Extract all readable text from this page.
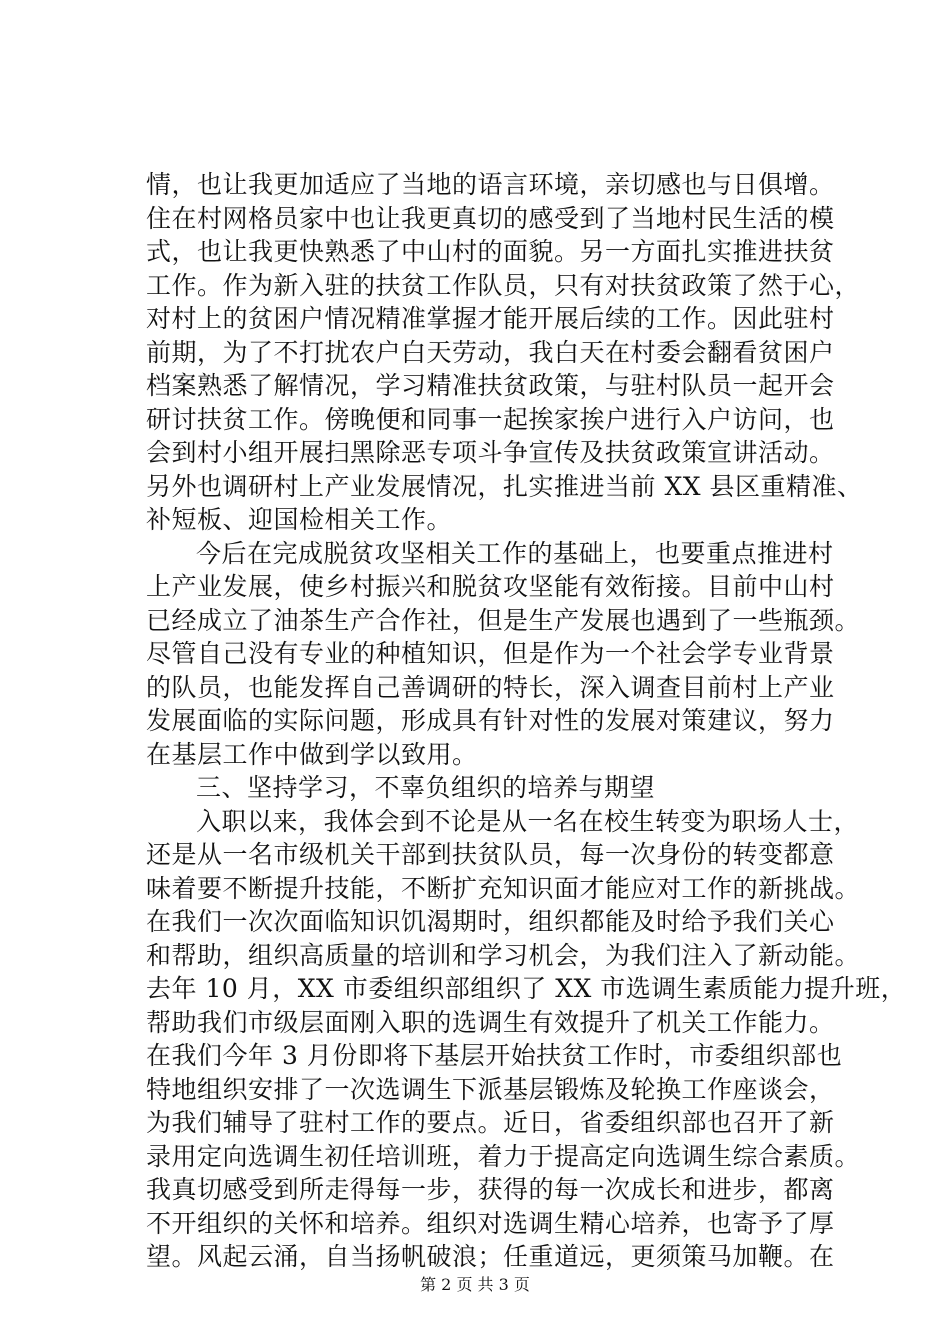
情，也让我更加适应了当地的语言环境，亲切感也与日俱增。
住在村网格员家中也让我更真切的感受到了当地村民生活的模
式，也让我更快熟悉了中山村的面貌。另一方面扎实推进扶贫
工作。作为新入驻的扶贫工作队员，只有对扶贫政策了然于心，
对村上的贫困户情况精准掌握才能开展后续的工作。因此驻村
前期，为了不打扰农户白天劳动，我白天在村委会翻看贫困户
档案熟悉了解情况，学习精准扶贫政策，与驻村队员一起开会
研讨扶贫工作。傍晚便和同事一起挨家挨户进行入户访问，也
会到村小组开展扫黑除恶专项斗争宣传及扶贫政策宣讲活动。
另外也调研村上产业发展情况，扎实推进当前 XX 县区重精准、
补短板、迎国检相关工作。
今后在完成脱贫攻坚相关工作的基础上，也要重点推进村
上产业发展，使乡村振兴和脱贫攻坚能有效衔接。目前中山村
已经成立了油茶生产合作社，但是生产发展也遇到了一些瓶颈。
尽管自己没有专业的种植知识，但是作为一个社会学专业背景
的队员，也能发挥自己善调研的特长，深入调查目前村上产业
发展面临的实际问题，形成具有针对性的发展对策建议，努力
在基层工作中做到学以致用。
三、坚持学习，不辜负组织的培养与期望
入职以来，我体会到不论是从一名在校生转变为职场人士，
还是从一名市级机关干部到扶贫队员，每一次身份的转变都意
味着要不断提升技能，不断扩充知识面才能应对工作的新挑战。
在我们一次次面临知识饥渴期时，组织都能及时给予我们关心
和帮助，组织高质量的培训和学习机会，为我们注入了新动能。
去年 10 月，XX 市委组织部组织了 XX 市选调生素质能力提升班，
帮助我们市级层面刚入职的选调生有效提升了机关工作能力。
在我们今年 3 月份即将下基层开始扶贫工作时，市委组织部也
特地组织安排了一次选调生下派基层锻炼及轮换工作座谈会，
为我们辅导了驻村工作的要点。近日，省委组织部也召开了新
录用定向选调生初任培训班，着力于提高定向选调生综合素质。
我真切感受到所走得每一步，获得的每一次成长和进步，都离
不开组织的关怀和培养。组织对选调生精心培养，也寄予了厚
望。风起云涌，自当扬帆破浪；任重道远，更须策马加鞭。在
第 2 页 共 3 页
